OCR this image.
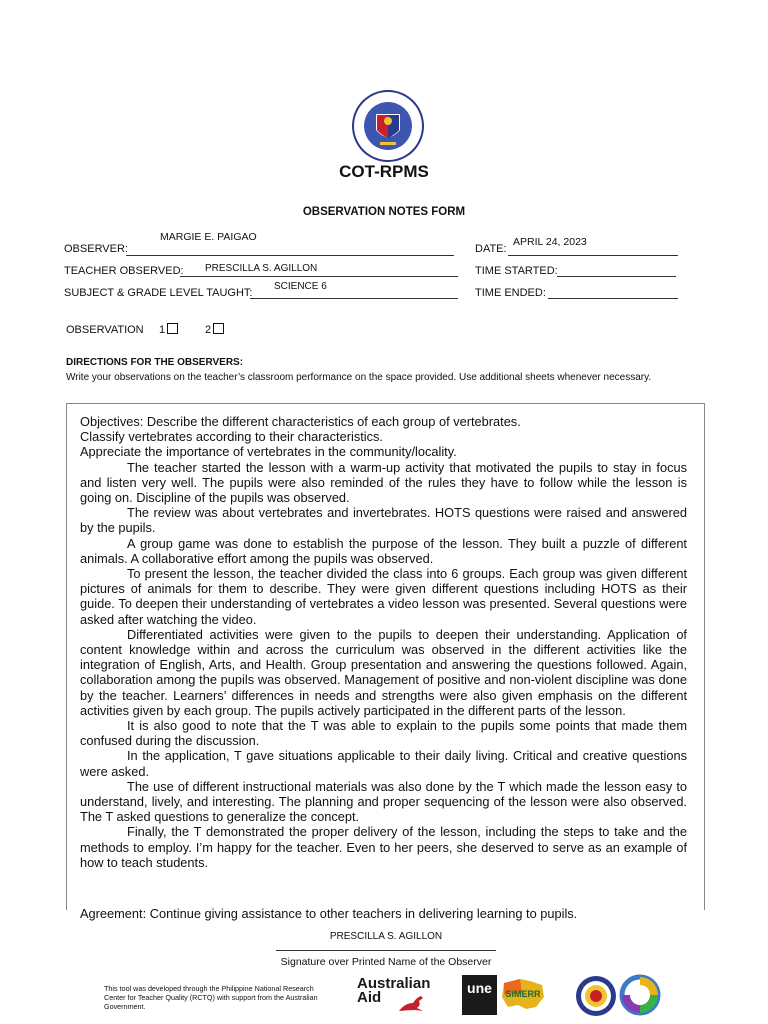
COT-RPMS
OBSERVATION NOTES FORM
OBSERVER:
MARGIE E. PAIGAO
DATE:
APRIL 24, 2023
TEACHER OBSERVED: PRESCILLA S. AGILLON	TIME STARTED:
SUBJECT & GRADE LEVEL TAUGHT:
SCIENCE 6
TIME ENDED:
OBSERVATION 1	2
DIRECTIONS FOR THE OBSERVERS:
Write your observations on the teacher’s classroom performance on the space provided. Use additional sheets whenever necessary.

Objectives: Describe the different characteristics of each group of vertebrates.

Classify vertebrates according to their characteristics.

Appreciate the importance of vertebrates in the community/locality.

The teacher started the lesson with a warm-up activity that motivated the pupils to stay in focus and listen very well. The pupils were also reminded of the rules they have to follow while the lesson is going on. Discipline of the pupils was observed.

The review was about vertebrates and invertebrates. HOTS questions were raised and answered by the pupils.

A group game was done to establish the purpose of the lesson. They built a puzzle of different animals. A collaborative effort among the pupils was observed.

To present the lesson, the teacher divided the class into 6 groups. Each group was given different pictures of animals for them to describe. They were given different questions including HOTS as their guide. To deepen their understanding of vertebrates a video lesson was presented. Several questions were asked after watching the video.

Differentiated activities were given to the pupils to deepen their understanding. Application of content knowledge within and across the curriculum was observed in the different activities like the integration of English, Arts, and Health. Group presentation and answering the questions followed. Again, collaboration among the pupils was observed. Management of positive and non-violent discipline was done by the teacher. Learners’ differences in needs and strengths were also given emphasis on the different activities given by each group. The pupils actively participated in the different parts of the lesson.

It is also good to note that the T was able to explain to the pupils some points that made them confused during the discussion.

In the application, T gave situations applicable to their daily living. Critical and creative questions were asked.

The use of different instructional materials was also done by the T which made the lesson easy to understand, lively, and interesting. The planning and proper sequencing of the lesson were also observed. The T asked questions to generalize the concept.

Finally, the T demonstrated the proper delivery of the lesson, including the steps to take and the methods to employ. I’m happy for the teacher. Even to her peers, she deserved to serve as an example of how to teach students.

Agreement: Continue giving assistance to other teachers in delivering learning to pupils.
PRESCILLA S. AGILLON
Signature over Printed Name of the Observer
This tool was developed through the Philippine National Research Center for Teacher Quality (RCTQ) with support from the Australian Government.
Australian
Aid
une	SiMERR
